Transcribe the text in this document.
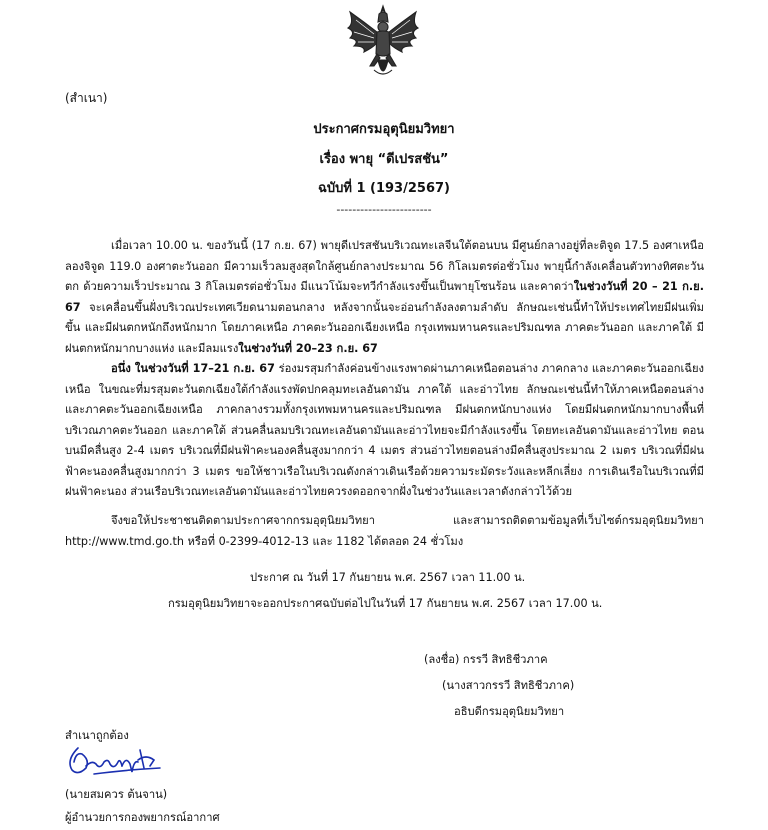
(สำเนา)
ประกาศกรมอุตุนิยมวิทยา
เรื่อง พายุ “ดีเปรสชัน”
ฉบับที่ 1 (193/2567)
------------------------
เมื่อเวลา 10.00 น. ของวันนี้ (17 ก.ย. 67) พายุดีเปรสชันบริเวณทะเลจีนใต้ตอนบน มีศูนย์กลางอยู่ที่ละติจูด 17.5 องศาเหนือ ลองจิจูด 119.0 องศาตะวันออก มีความเร็วลมสูงสุดใกล้ศูนย์กลางประมาณ 56 กิโลเมตรต่อชั่วโมง พายุนี้กำลังเคลื่อนตัวทางทิศตะวันตก ด้วยความเร็วประมาณ 3 กิโลเมตรต่อชั่วโมง มีแนวโน้มจะทวีกำลังแรงขึ้นเป็นพายุโซนร้อน และคาดว่าในช่วงวันที่ 20 – 21 ก.ย. 67 จะเคลื่อนขึ้นฝั่งบริเวณประเทศเวียดนามตอนกลาง หลังจากนั้นจะอ่อนกำลังลงตามลำดับ ลักษณะเช่นนี้ทำให้ประเทศไทยมีฝนเพิ่มขึ้น และมีฝนตกหนักถึงหนักมาก โดยภาคเหนือ ภาคตะวันออกเฉียงเหนือ กรุงเทพมหานครและปริมณฑล ภาคตะวันออก และภาคใต้ มีฝนตกหนักมากบางแห่ง และมีลมแรงในช่วงวันที่ 20–23 ก.ย. 67
อนึ่ง ในช่วงวันที่ 17–21 ก.ย. 67 ร่องมรสุมกำลังค่อนข้างแรงพาดผ่านภาคเหนือตอนล่าง ภาคกลาง และภาคตะวันออกเฉียงเหนือ ในขณะที่มรสุมตะวันตกเฉียงใต้กำลังแรงพัดปกคลุมทะเลอันดามัน ภาคใต้ และอ่าวไทย ลักษณะเช่นนี้ทำให้ภาคเหนือตอนล่าง และภาคตะวันออกเฉียงเหนือ ภาคกลางรวมทั้งกรุงเทพมหานครและปริมณฑล มีฝนตกหนักบางแห่ง โดยมีฝนตกหนักมากบางพื้นที่ บริเวณภาคตะวันออก และภาคใต้ ส่วนคลื่นลมบริเวณทะเลอันดามันและอ่าวไทยจะมีกำลังแรงขึ้น โดยทะเลอันดามันและอ่าวไทย ตอนบนมีคลื่นสูง 2-4 เมตร บริเวณที่มีฝนฟ้าคะนองคลื่นสูงมากกว่า 4 เมตร ส่วนอ่าวไทยตอนล่างมีคลื่นสูงประมาณ 2 เมตร บริเวณที่มีฝนฟ้าคะนองคลื่นสูงมากกว่า 3 เมตร ขอให้ชาวเรือในบริเวณดังกล่าวเดินเรือด้วยความระมัดระวังและหลีกเลี่ยง การเดินเรือในบริเวณที่มีฝนฟ้าคะนอง ส่วนเรือบริเวณทะเลอันดามันและอ่าวไทยควรงดออกจากฝั่งในช่วงวันและเวลาดังกล่าวไว้ด้วย
จึงขอให้ประชาชนติดตามประกาศจากกรมอุตุนิยมวิทยา และสามารถติดตามข้อมูลที่เว็บไซต์กรมอุตุนิยมวิทยา http://www.tmd.go.th หรือที่ 0-2399-4012-13 และ 1182 ได้ตลอด 24 ชั่วโมง
ประกาศ ณ วันที่ 17 กันยายน พ.ศ. 2567 เวลา 11.00 น.
กรมอุตุนิยมวิทยาจะออกประกาศฉบับต่อไปในวันที่ 17 กันยายน พ.ศ. 2567 เวลา 17.00 น.
(ลงชื่อ) กรรวี สิทธิชีวภาค
(นางสาวกรรวี สิทธิชีวภาค)
อธิบดีกรมอุตุนิยมวิทยา
สำเนาถูกต้อง
(นายสมควร ต้นจาน)
ผู้อำนวยการกองพยากรณ์อากาศ
